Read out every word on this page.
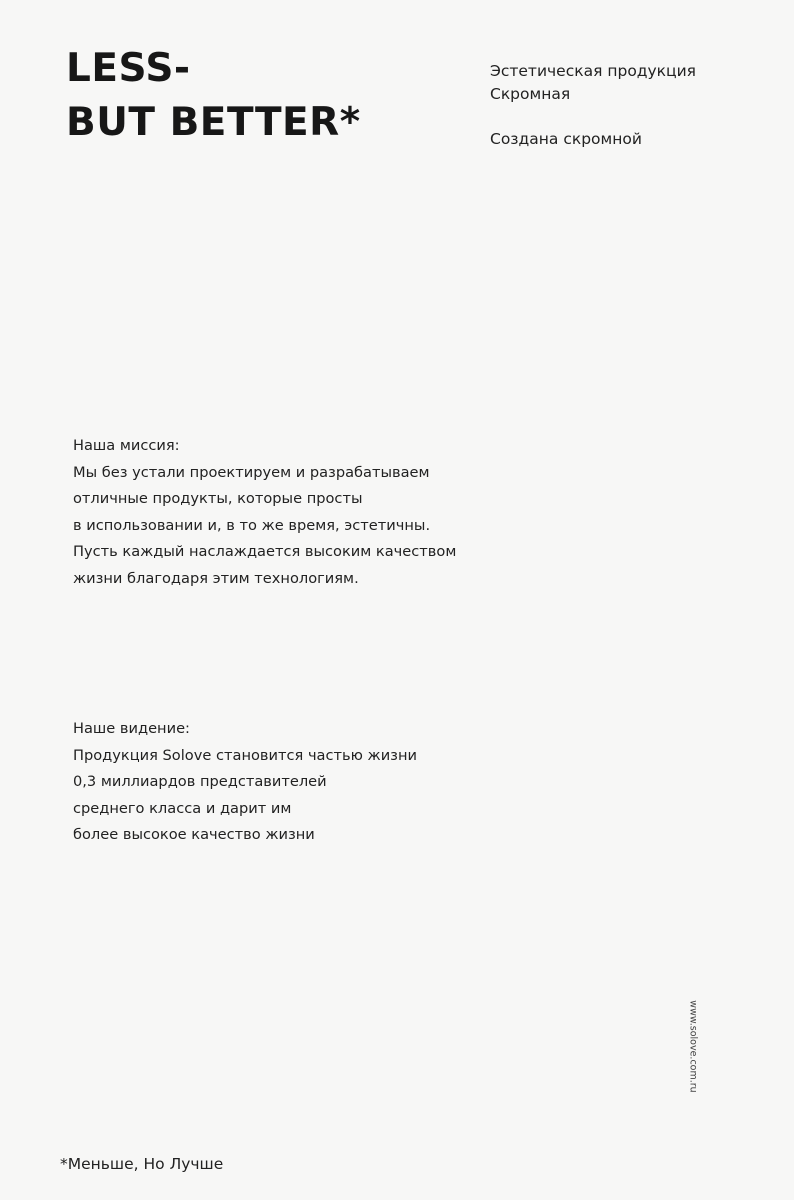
LESS-
BUT BETTER*
Эстетическая продукция
Скромная
Создана скромной
Наша миссия:
Мы без устали проектируем и разрабатываем
отличные продукты, которые просты
в использовании и, в то же время, эстетичны.
Пусть каждый наслаждается высоким качеством
жизни благодаря этим технологиям.
Наше видение:
Продукция Solove становится частью жизни
0,3 миллиардов представителей
среднего класса и дарит им
более высокое качество жизни
www.solove.com.ru
*Меньше, Но Лучше
